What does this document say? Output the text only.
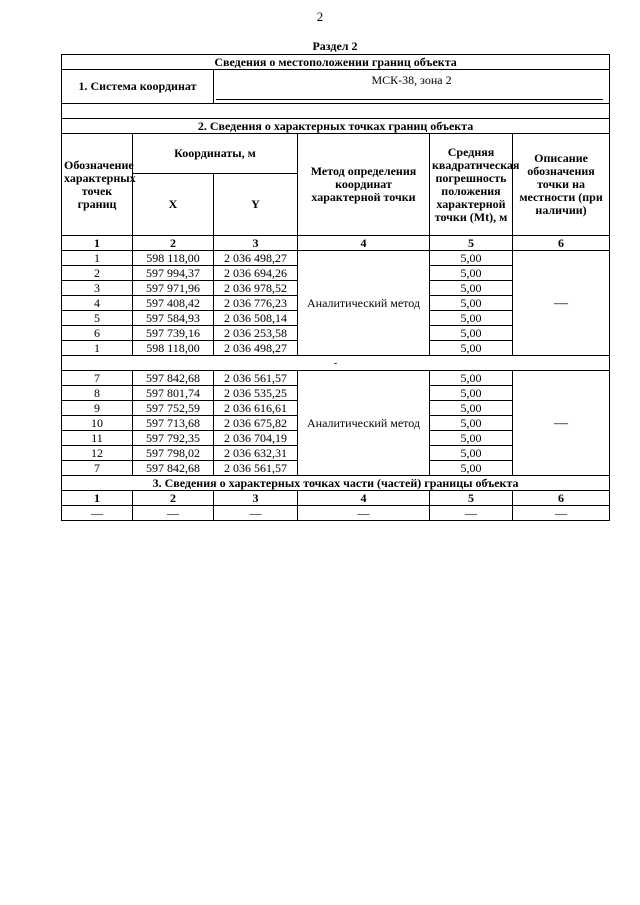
2
Раздел 2
Сведения о местоположении границ объекта					
1. Система координат		МСК-38, зона 2			

2. Сведения о характерных точках границ объекта					
Обозначение характерных точек границ	Координаты, м		Метод определения координат характерной точки	Средняя квадратическая погрешность положения характерной точки (Mt), м	Описание обозначения точки на местности (при наличии)
	X	Y			
1	2	3	4	5	6
1	598 118,00	2 036 498,27	Аналитический метод	5,00	—
2	597 994,37	2 036 694,26		5,00	
3	597 971,96	2 036 978,52		5,00	
4	597 408,42	2 036 776,23		5,00	
5	597 584,93	2 036 508,14		5,00	
6	597 739,16	2 036 253,58		5,00	
1	598 118,00	2 036 498,27		5,00	
-					
7	597 842,68	2 036 561,57	Аналитический метод	5,00	—
8	597 801,74	2 036 535,25		5,00	
9	597 752,59	2 036 616,61		5,00	
10	597 713,68	2 036 675,82		5,00	
11	597 792,35	2 036 704,19		5,00	
12	597 798,02	2 036 632,31		5,00	
7	597 842,68	2 036 561,57		5,00	
3. Сведения о характерных точках части (частей) границы объекта					
1	2	3	4	5	6
—	—	—	—	—	—
